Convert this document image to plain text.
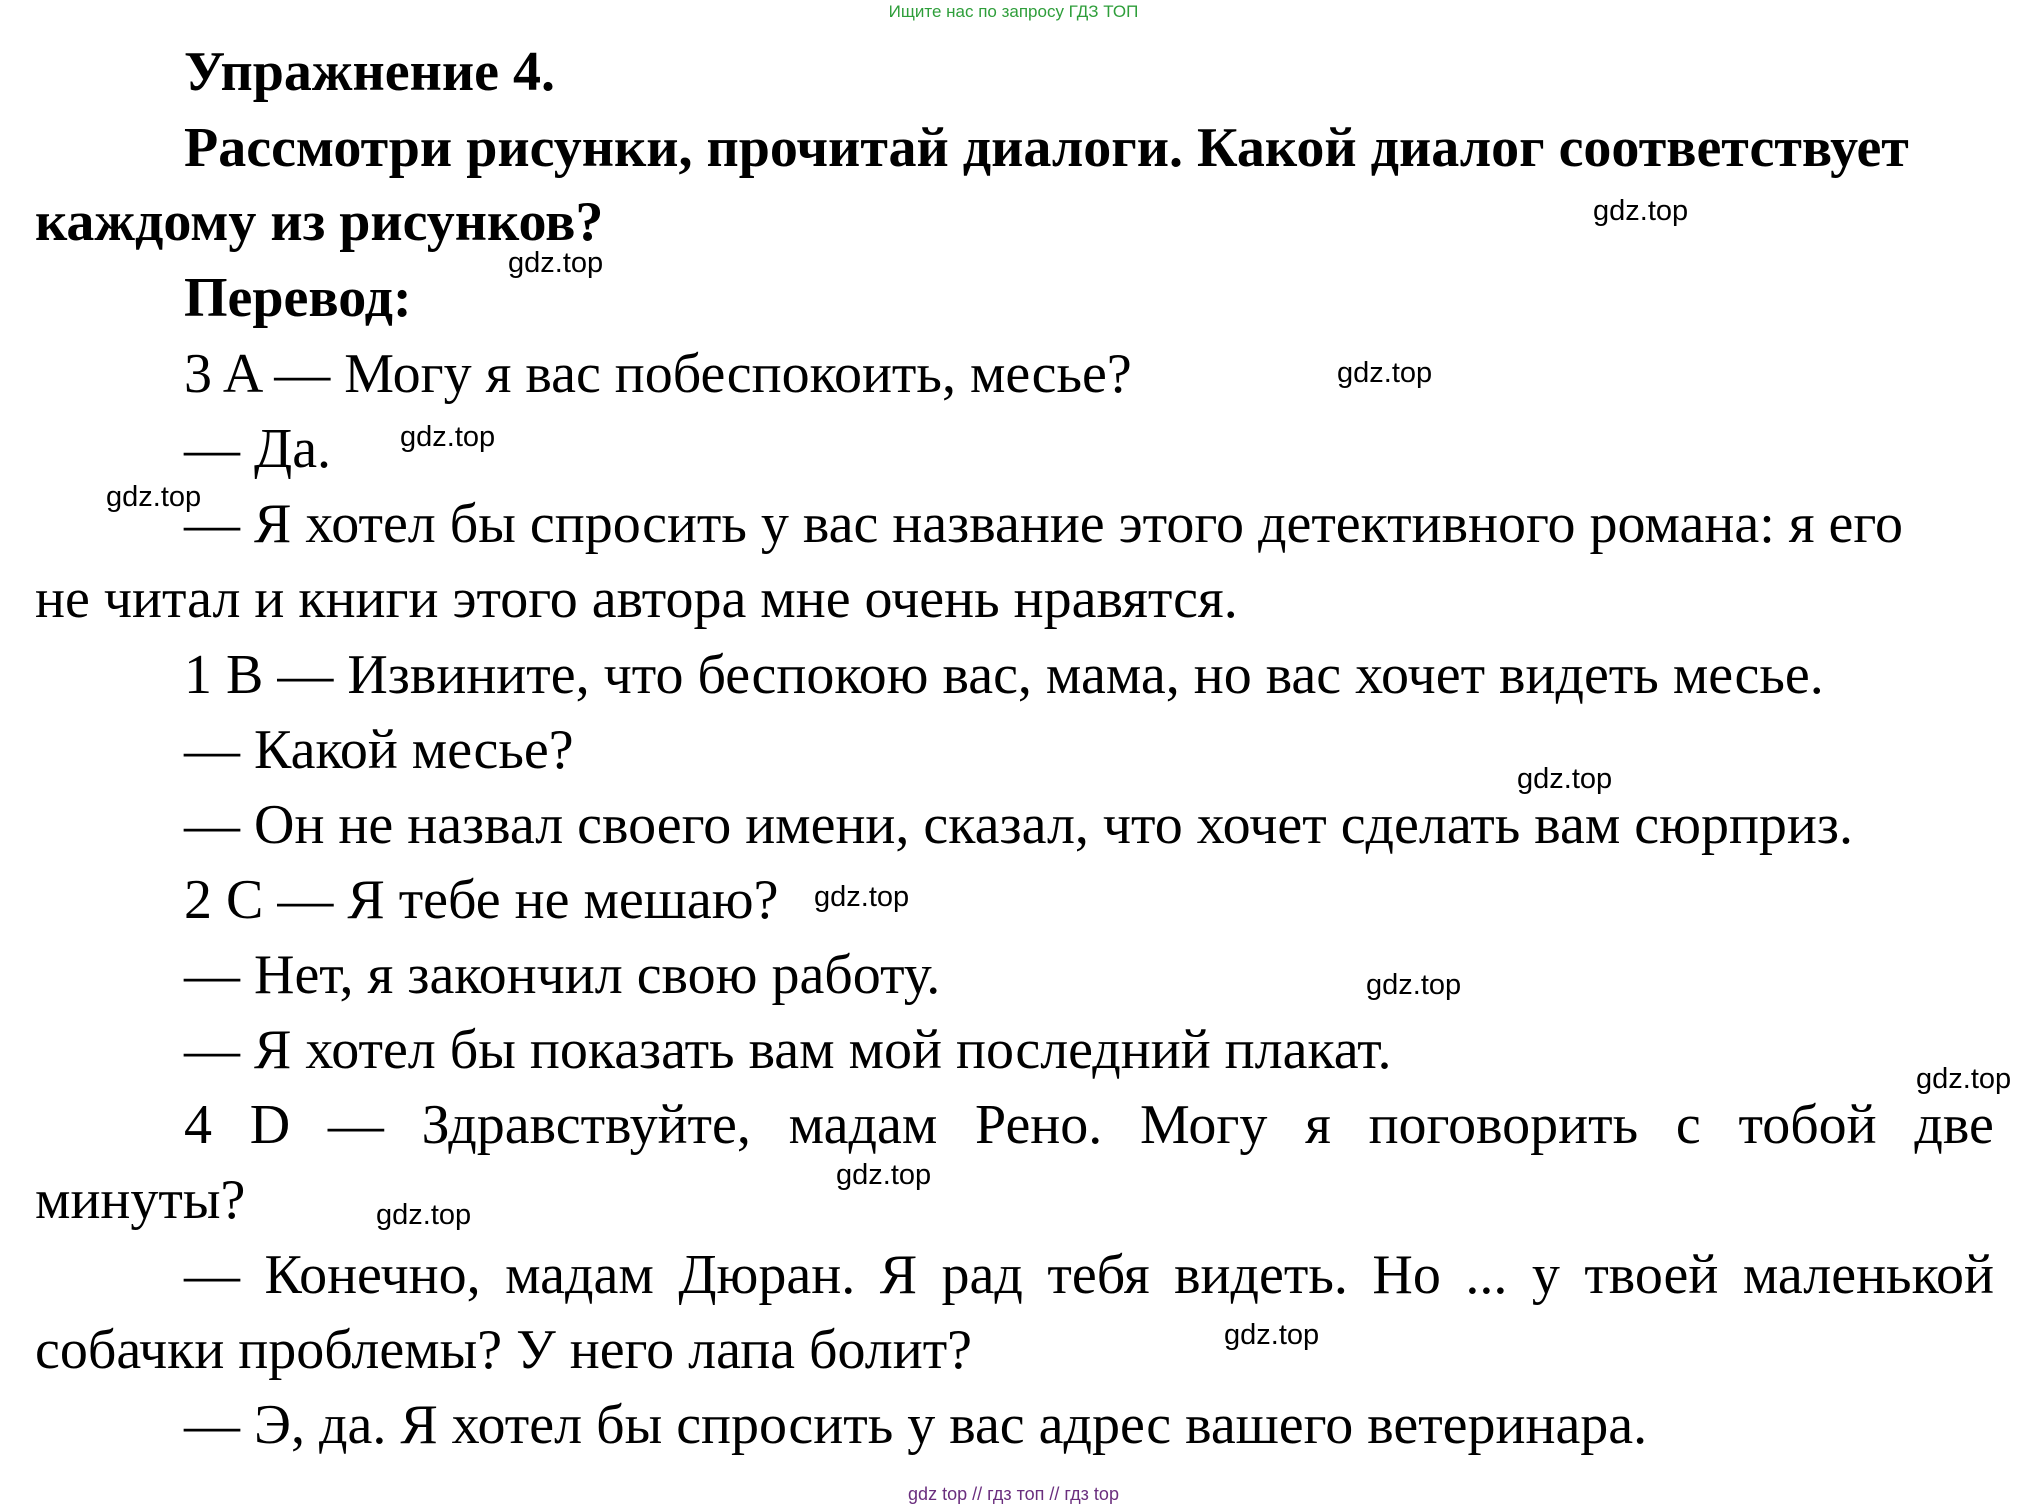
Ищите нас по запросу ГДЗ ТОП
Упражнение 4.
Рассмотри рисунки, прочитай диалоги. Какой диалог соответствует
каждому из рисунков?
Перевод:
3 A — Могу я вас побеспокоить, месье?
— Да.
— Я хотел бы спросить у вас название этого детективного романа: я его
не читал и книги этого автора мне очень нравятся.
1 B — Извините, что беспокою вас, мама, но вас хочет видеть месье.
— Какой месье?
— Он не назвал своего имени, сказал, что хочет сделать вам сюрприз.
2 C — Я тебе не мешаю?
— Нет, я закончил свою работу.
— Я хотел бы показать вам мой последний плакат.
4 D — Здравствуйте, мадам Рено. Могу я поговорить с тобой две
минуты?
— Конечно, мадам Дюран. Я рад тебя видеть. Но ... у твоей маленькой
собачки проблемы? У него лапа болит?
— Э, да. Я хотел бы спросить у вас адрес вашего ветеринара.
gdz.top
gdz.top
gdz.top
gdz.top
gdz.top
gdz.top
gdz.top
gdz.top
gdz.top
gdz.top
gdz.top
gdz.top
gdz top // гдз топ // гдз top
